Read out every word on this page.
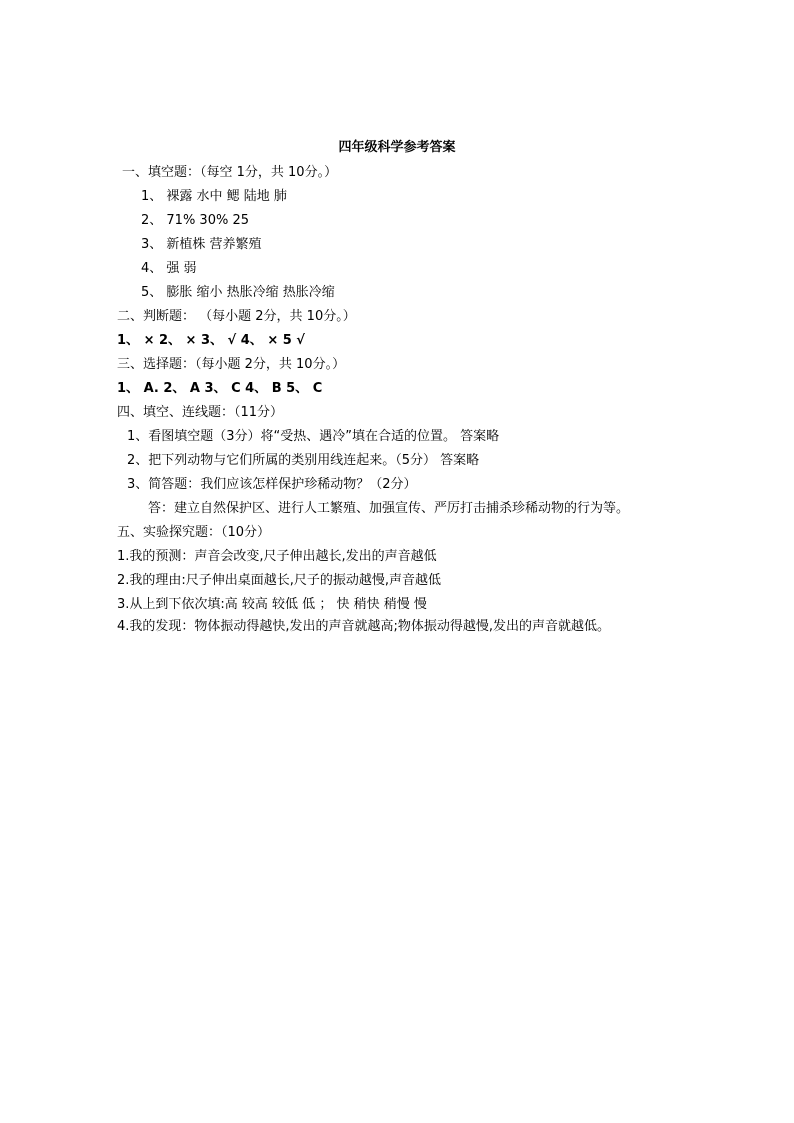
四年级科学参考答案
一、填空题：（每空 1分，共 10分。）
1、 裸露 水中 鳃 陆地 肺
2、 71% 30% 25
3、 新植株 营养繁殖
4、 强 弱
5、 膨胀 缩小 热胀冷缩 热胀冷缩
二、判断题： （每小题 2分，共 10分。）
1、 × 2、 × 3、 √ 4、 × 5 √
三、选择题：（每小题 2分，共 10分。）
1、 A. 2、 A 3、 C 4、 B 5、 C
四、填空、连线题：（11分）
1、看图填空题（3分）将“受热、遇冷”填在合适的位置。 答案略
2、把下列动物与它们所属的类别用线连起来。（5分） 答案略
3、简答题：我们应该怎样保护珍稀动物？（2分）
答：建立自然保护区、进行人工繁殖、加强宣传、严厉打击捕杀珍稀动物的行为等。
五、实验探究题：（10分）
1.我的预测：声音会改变,尺子伸出越长,发出的声音越低
2.我的理由:尺子伸出桌面越长,尺子的振动越慢,声音越低
3.从上到下依次填:高 较高 较低 低 ； 快 稍快 稍慢 慢
4.我的发现：物体振动得越快,发出的声音就越高;物体振动得越慢,发出的声音就越低。
